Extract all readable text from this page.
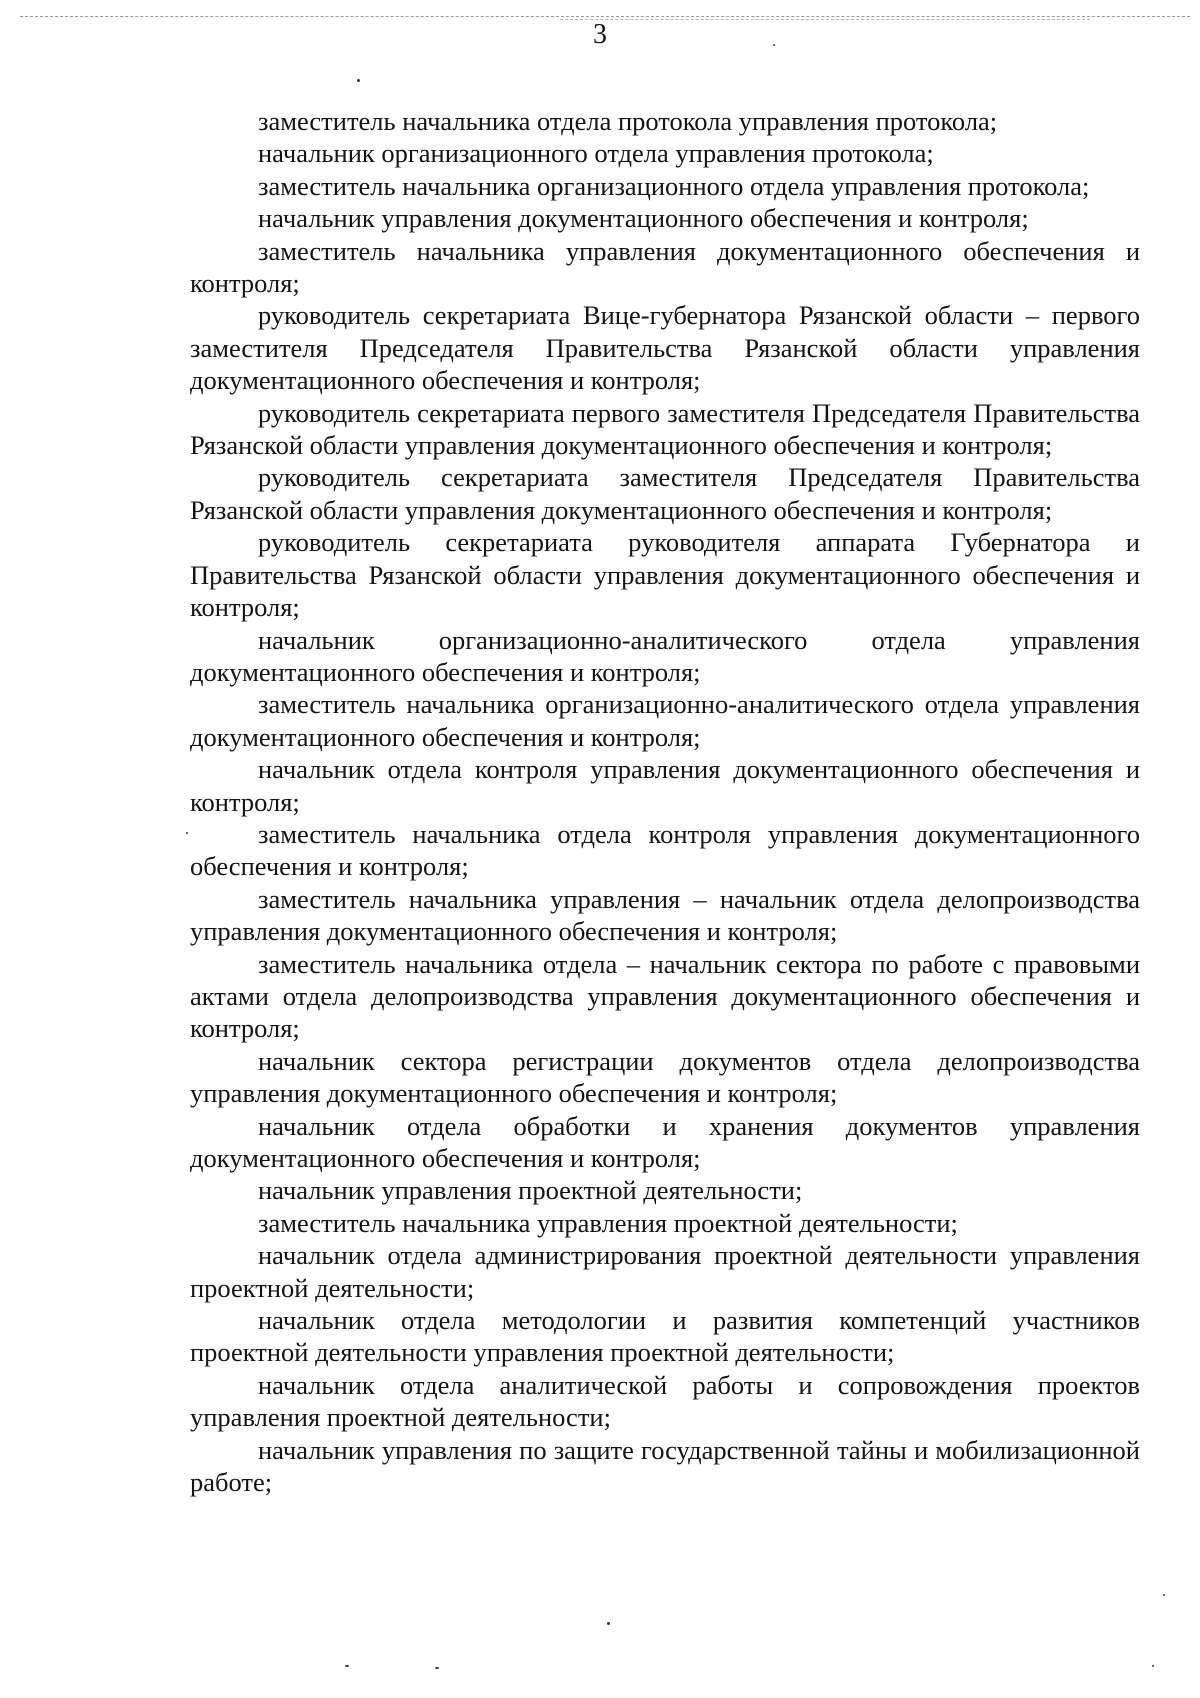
3

заместитель начальника отдела протокола управления протокола;

начальник организационного отдела управления протокола;

заместитель начальника организационного отдела управления протокола;

начальник управления документационного обеспечения и контроля;

заместитель начальника управления документационного обеспечения и контроля;

руководитель секретариата Вице-губернатора Рязанской области – первого заместителя Председателя Правительства Рязанской области управления документационного обеспечения и контроля;

руководитель секретариата первого заместителя Председателя Правительства Рязанской области управления документационного обеспечения и контроля;

руководитель секретариата заместителя Председателя Правительства Рязанской области управления документационного обеспечения и контроля;

руководитель секретариата руководителя аппарата Губернатора и Правительства Рязанской области управления документационного обеспечения и контроля;

начальник организационно-аналитического отдела управления документационного обеспечения и контроля;

заместитель начальника организационно-аналитического отдела управления документационного обеспечения и контроля;

начальник отдела контроля управления документационного обеспечения и контроля;

заместитель начальника отдела контроля управления документационного обеспечения и контроля;

заместитель начальника управления – начальник отдела делопроизводства управления документационного обеспечения и контроля;

заместитель начальника отдела – начальник сектора по работе с правовыми актами отдела делопроизводства управления документационного обеспечения и контроля;

начальник сектора регистрации документов отдела делопроизводства управления документационного обеспечения и контроля;

начальник отдела обработки и хранения документов управления документационного обеспечения и контроля;

начальник управления проектной деятельности;

заместитель начальника управления проектной деятельности;

начальник отдела администрирования проектной деятельности управления проектной деятельности;

начальник отдела методологии и развития компетенций участников проектной деятельности управления проектной деятельности;

начальник отдела аналитической работы и сопровождения проектов управления проектной деятельности;

начальник управления по защите государственной тайны и мобилизационной работе;
